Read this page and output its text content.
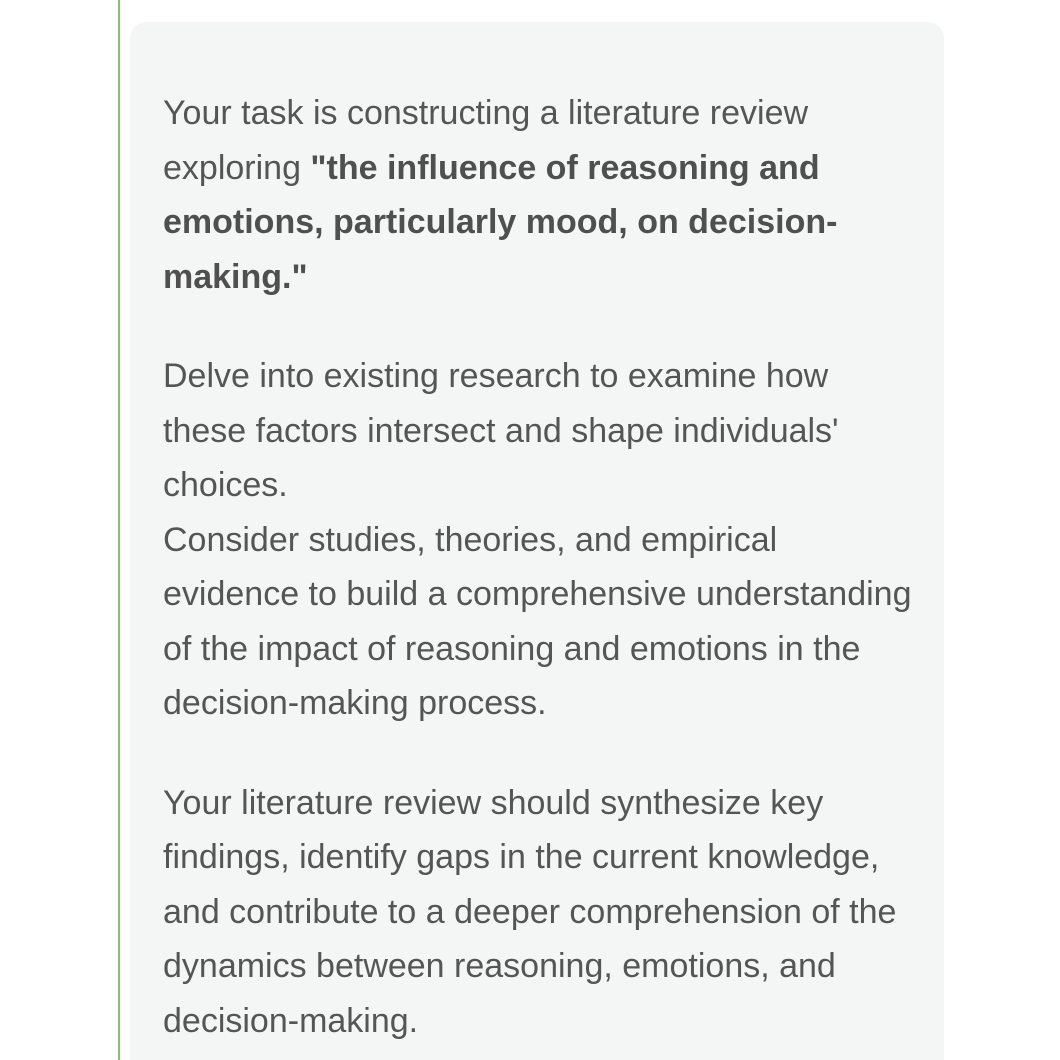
Your task is constructing a literature review exploring "the influence of reasoning and emotions, particularly mood, on decision-making."

Delve into existing research to examine how these factors intersect and shape individuals' choices.

Consider studies, theories, and empirical evidence to build a comprehensive understanding of the impact of reasoning and emotions in the decision-making process.

Your literature review should synthesize key findings, identify gaps in the current knowledge, and contribute to a deeper comprehension of the dynamics between reasoning, emotions, and decision-making.
